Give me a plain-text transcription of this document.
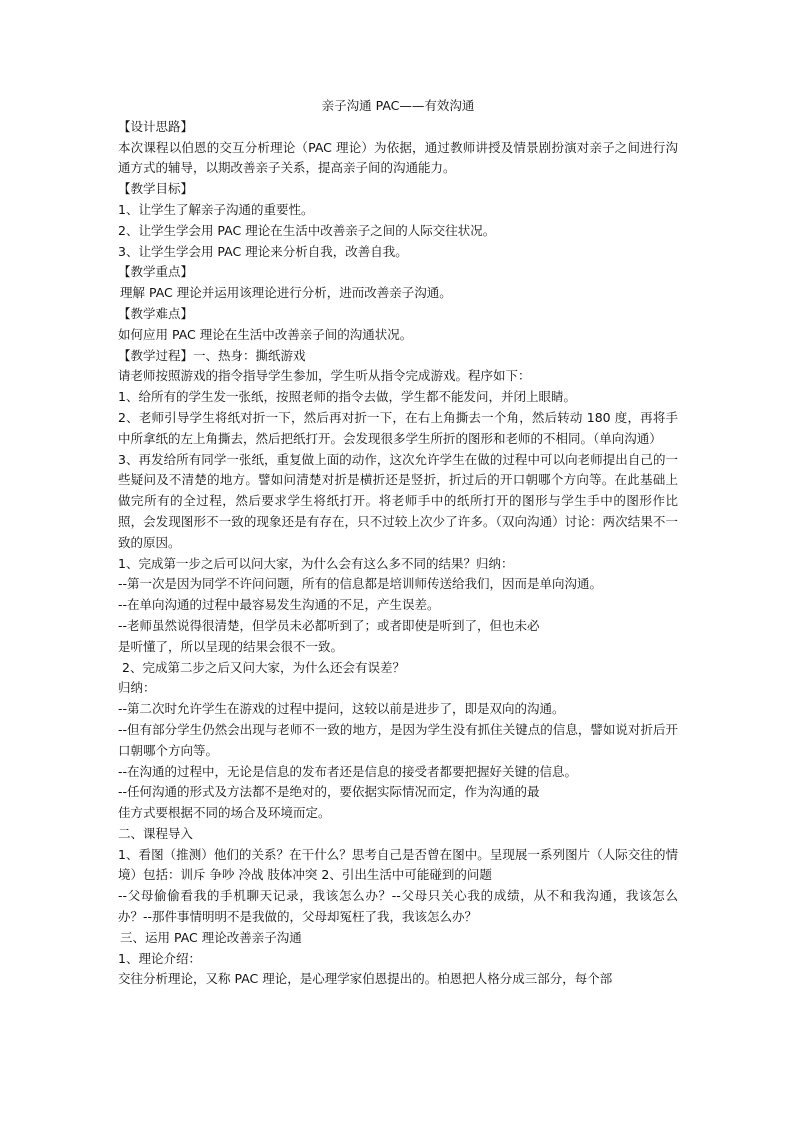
亲子沟通 PAC——有效沟通

【设计思路】

本次课程以伯恩的交互分析理论（PAC 理论）为依据，通过教师讲授及情景剧扮演对亲子之间进行沟通方式的辅导，以期改善亲子关系，提高亲子间的沟通能力。

【教学目标】

1、让学生了解亲子沟通的重要性。

2、让学生学会用 PAC 理论在生活中改善亲子之间的人际交往状况。

3、让学生学会用 PAC 理论来分析自我，改善自我。

【教学重点】

理解 PAC 理论并运用该理论进行分析，进而改善亲子沟通。

【教学难点】

如何应用 PAC 理论在生活中改善亲子间的沟通状况。

【教学过程】一、热身：撕纸游戏

请老师按照游戏的指令指导学生参加，学生听从指令完成游戏。程序如下：

1、给所有的学生发一张纸，按照老师的指令去做，学生都不能发问，并闭上眼睛。

2、老师引导学生将纸对折一下，然后再对折一下，在右上角撕去一个角，然后转动 180 度，再将手中所拿纸的左上角撕去，然后把纸打开。会发现很多学生所折的图形和老师的不相同。（单向沟通）

3、再发给所有同学一张纸，重复做上面的动作，这次允许学生在做的过程中可以向老师提出自己的一些疑问及不清楚的地方。譬如问清楚对折是横折还是竖折，折过后的开口朝哪个方向等。在此基础上做完所有的全过程，然后要求学生将纸打开。将老师手中的纸所打开的图形与学生手中的图形作比照，会发现图形不一致的现象还是有存在，只不过较上次少了许多。（双向沟通）讨论：两次结果不一致的原因。

1、完成第一步之后可以问大家，为什么会有这么多不同的结果？归纳：

--第一次是因为同学不许问问题，所有的信息都是培训师传送给我们，因而是单向沟通。

--在单向沟通的过程中最容易发生沟通的不足，产生误差。

--老师虽然说得很清楚，但学员未必都听到了；或者即使是听到了，但也未必

是听懂了，所以呈现的结果会很不一致。

2、完成第二步之后又问大家，为什么还会有误差？

归纳：

--第二次时允许学生在游戏的过程中提问，这较以前是进步了，即是双向的沟通。

--但有部分学生仍然会出现与老师不一致的地方，是因为学生没有抓住关键点的信息，譬如说对折后开口朝哪个方向等。

--在沟通的过程中，无论是信息的发布者还是信息的接受者都要把握好关键的信息。

--任何沟通的形式及方法都不是绝对的，要依据实际情况而定，作为沟通的最

佳方式要根据不同的场合及环境而定。

二、课程导入

1、看图（推测）他们的关系？在干什么？思考自己是否曾在图中。呈现展一系列图片（人际交往的情境）包括：训斥 争吵 冷战 肢体冲突 2、引出生活中可能碰到的问题

--父母偷偷看我的手机聊天记录，我该怎么办？--父母只关心我的成绩，从不和我沟通，我该怎么办？--那件事情明明不是我做的，父母却冤枉了我，我该怎么办？

三、运用 PAC 理论改善亲子沟通

1、理论介绍：

交往分析理论，又称 PAC 理论，是心理学家伯恩提出的。柏恩把人格分成三部分，每个部
